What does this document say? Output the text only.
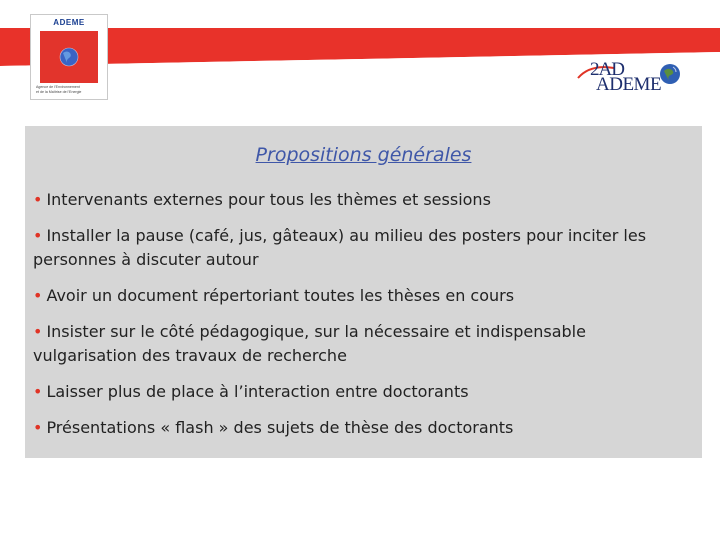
ADEME
Agence de l'Environnement
et de la Maîtrise de l'Energie
2AD
ADEME
Propositions générales
• Intervenants externes pour tous les thèmes et sessions
• Installer la pause (café, jus, gâteaux) au milieu des posters pour inciter les personnes à discuter autour
• Avoir un document répertoriant toutes les thèses en cours
• Insister sur le côté pédagogique, sur la nécessaire et indispensable vulgarisation des travaux de recherche
• Laisser plus de place à l’interaction entre doctorants
• Présentations « flash » des sujets de thèse des doctorants
